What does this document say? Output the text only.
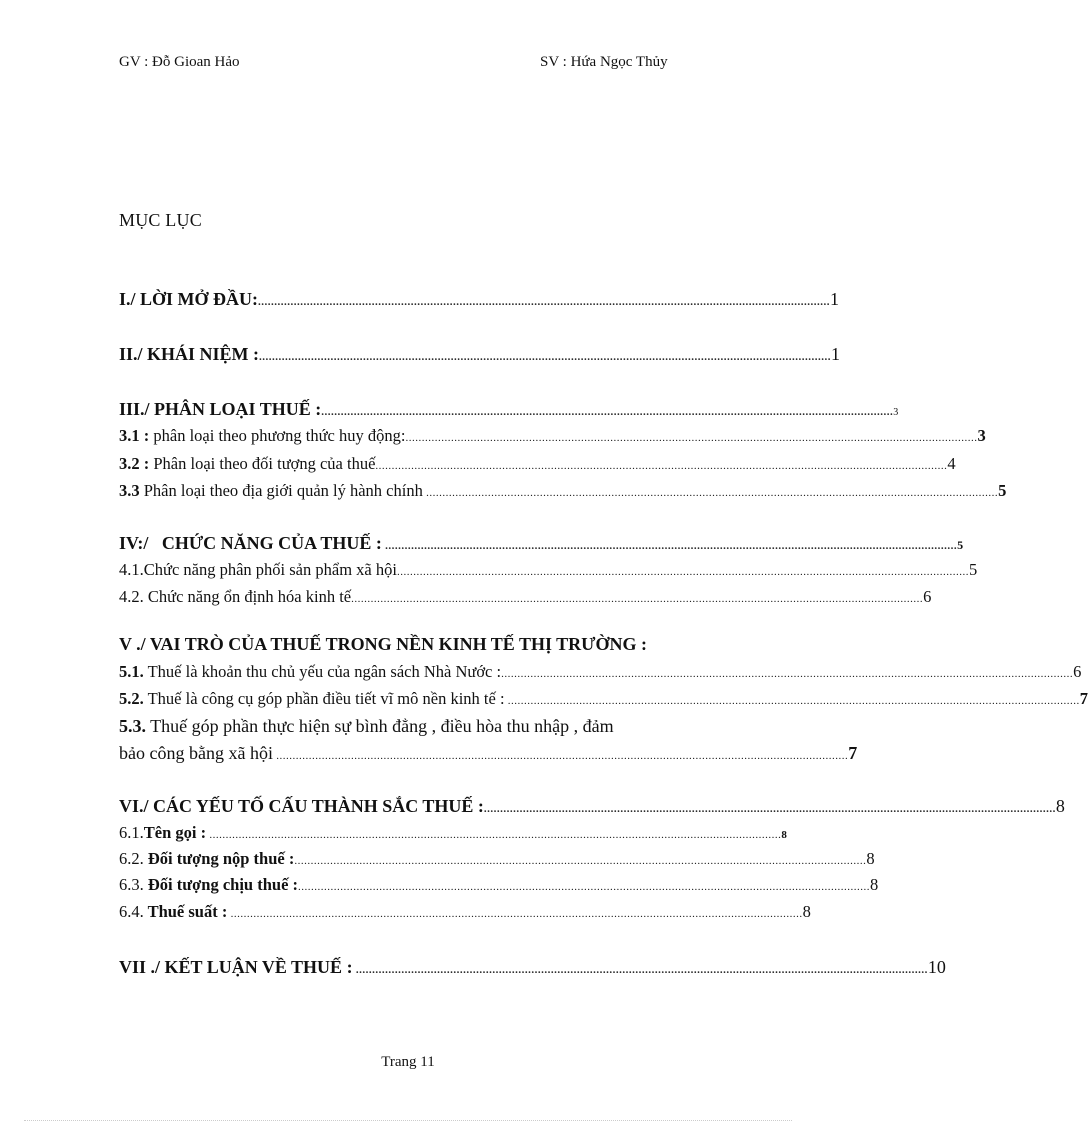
GV : Đỗ Gioan Hảo	SV : Hứa Ngọc Thủy
MỤC LỤC
I./ LỜI MỞ ĐẦU: ................................................................................................................................................................................ 1
II./ KHÁI NIỆM : ................................................................................................................................................................................ 1
III./ PHÂN LOẠI THUẾ : ................................................................................................................................................................................ 3
3.1 : phân loại theo phương thức huy động: ................................................................................................................................................................................ 3
3.2 : Phân loại theo đối tượng của thuế ................................................................................................................................................................................ 4
3.3 Phân loại theo địa giới quản lý hành chính ................................................................................................................................................................................ 5
IV:/   CHỨC NĂNG CỦA THUẾ : ................................................................................................................................................................................ 5
4.1.Chức năng phân phối sản phẩm xã hội ................................................................................................................................................................................ 5
4.2. Chức năng ổn định hóa kinh tế ................................................................................................................................................................................ 6
V ./ VAI TRÒ CỦA THUẾ TRONG NỀN KINH TẾ THỊ TRƯỜNG :
5.1. Thuế là khoản thu chủ yếu của ngân sách Nhà Nước : ................................................................................................................................................................................ 6
5.2. Thuế là công cụ góp phần điều tiết vĩ mô nền kinh tế : ................................................................................................................................................................................ 7
5.3. Thuế góp phần thực hiện sự bình đẳng , điều hòa thu nhập , đảm
bảo công bằng xã hội ................................................................................................................................................................................ 7
VI./ CÁC YẾU TỐ CẤU THÀNH SẮC THUẾ : ................................................................................................................................................................................ 8
6.1.Tên gọi : ................................................................................................................................................................................ 8
6.2. Đối tượng nộp thuế : ................................................................................................................................................................................ 8
6.3. Đối tượng chịu thuế : ................................................................................................................................................................................ 8
6.4. Thuế suất : ................................................................................................................................................................................ 8
VII ./ KẾT LUẬN VỀ THUẾ : ................................................................................................................................................................................ 10
Trang 11
